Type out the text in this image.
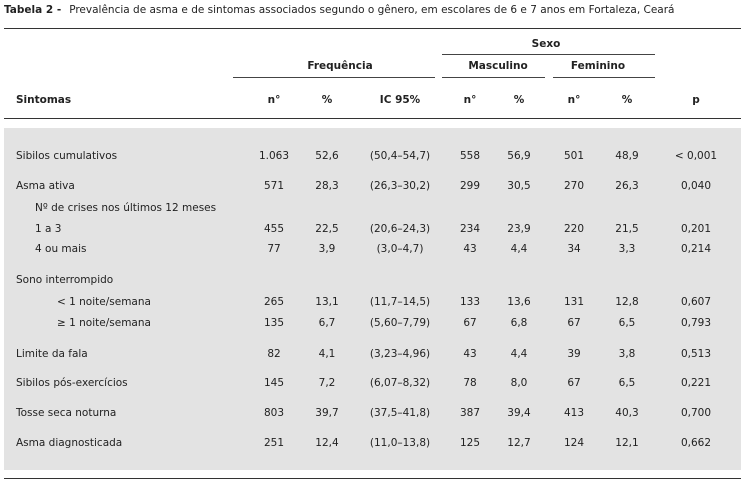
Tabela 2 - Prevalência de asma e de sintomas associados segundo o gênero, em escolares de 6 e 7 anos em Fortaleza, Ceará
Sexo
Frequência	Masculino	Feminino
Sintomas	n°	%	IC 95%	n°	%	n°	%	p
Sibilos cumulativos	1.063	52,6	(50,4–54,7)	558	56,9	501	48,9	< 0,001
Asma ativa	571	28,3	(26,3–30,2)	299	30,5	270	26,3	0,040
Nº de crises nos últimos 12 meses
1 a 3	455	22,5	(20,6–24,3)	234	23,9	220	21,5	0,201
4 ou mais	77	3,9	(3,0–4,7)	43	4,4	34	3,3	0,214
Sono interrompido
< 1 noite/semana	265	13,1	(11,7–14,5)	133	13,6	131	12,8	0,607
≥ 1 noite/semana	135	6,7	(5,60–7,79)	67	6,8	67	6,5	0,793
Limite da fala	82	4,1	(3,23–4,96)	43	4,4	39	3,8	0,513
Sibilos pós-exercícios	145	7,2	(6,07–8,32)	78	8,0	67	6,5	0,221
Tosse seca noturna	803	39,7	(37,5–41,8)	387	39,4	413	40,3	0,700
Asma diagnosticada	251	12,4	(11,0–13,8)	125	12,7	124	12,1	0,662
